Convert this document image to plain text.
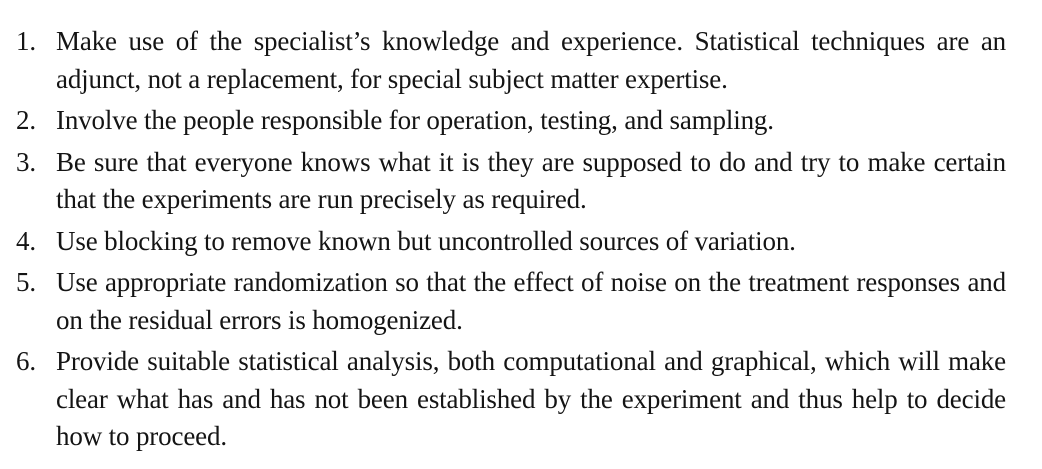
1. Make use of the specialist’s knowledge and experience. Statistical techniques are an adjunct, not a replacement, for special subject matter expertise.
2. Involve the people responsible for operation, testing, and sampling.
3. Be sure that everyone knows what it is they are supposed to do and try to make certain that the experiments are run precisely as required.
4. Use blocking to remove known but uncontrolled sources of variation.
5. Use appropriate randomization so that the effect of noise on the treatment responses and on the residual errors is homogenized.
6. Provide suitable statistical analysis, both computational and graphical, which will make clear what has and has not been established by the experiment and thus help to decide how to proceed.
